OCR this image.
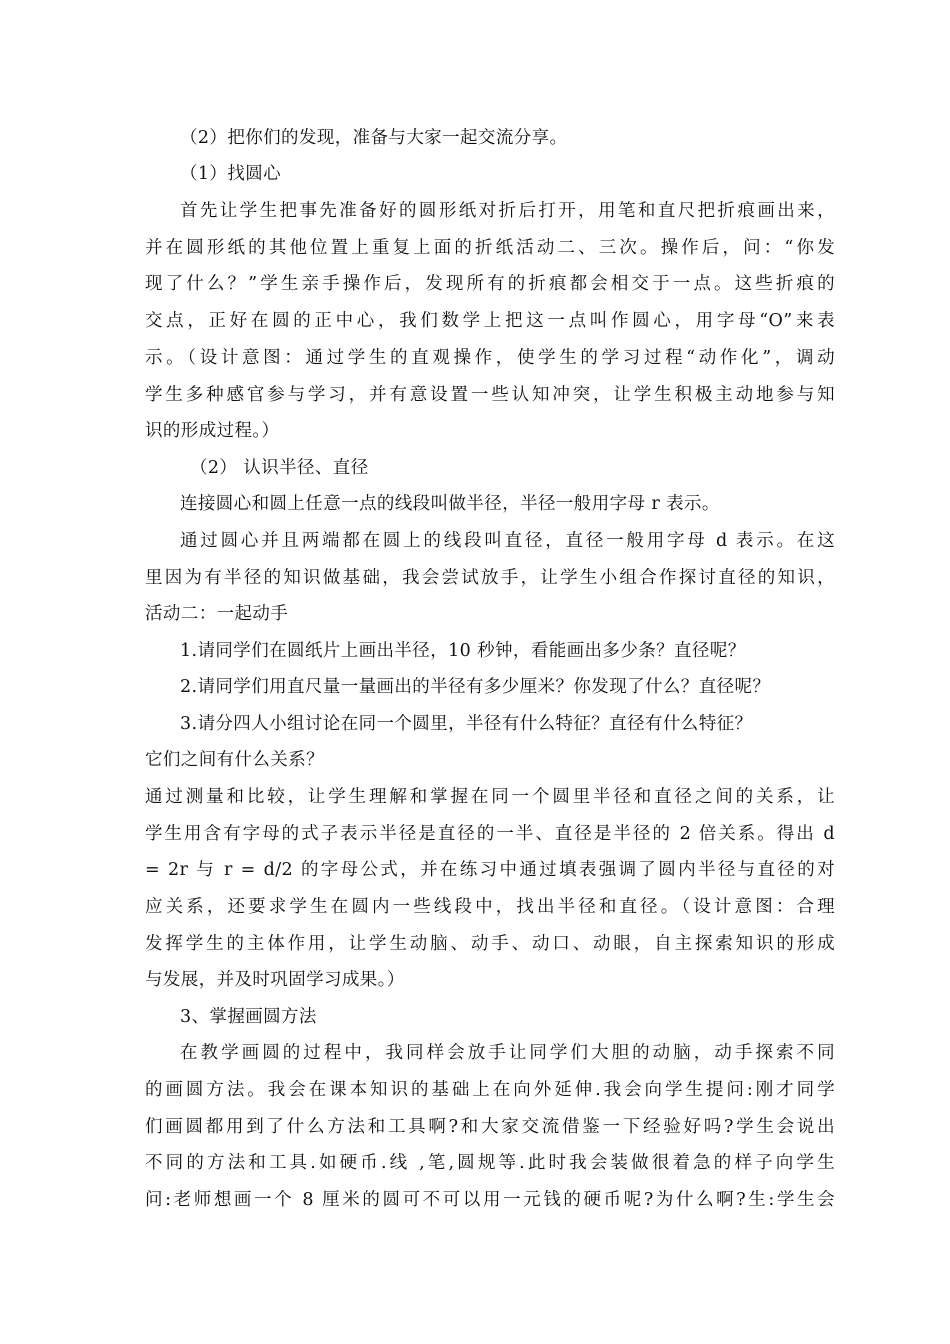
（2）把你们的发现，准备与大家一起交流分享。
（1）找圆心
首先让学生把事先准备好的圆形纸对折后打开，用笔和直尺把折痕画出来，
并在圆形纸的其他位置上重复上面的折纸活动二、三次。操作后，问：“你发
现了什么？”学生亲手操作后，发现所有的折痕都会相交于一点。这些折痕的
交点，正好在圆的正中心，我们数学上把这一点叫作圆心，用字母“O”来表
示。（设计意图：通过学生的直观操作，使学生的学习过程“动作化”，调动
学生多种感官参与学习，并有意设置一些认知冲突，让学生积极主动地参与知
识的形成过程。）
（2） 认识半径、直径
连接圆心和圆上任意一点的线段叫做半径，半径一般用字母 r 表示。
通过圆心并且两端都在圆上的线段叫直径，直径一般用字母 d 表示。在这
里因为有半径的知识做基础，我会尝试放手，让学生小组合作探讨直径的知识，
活动二：一起动手
1.请同学们在圆纸片上画出半径，10 秒钟，看能画出多少条？直径呢？
2.请同学们用直尺量一量画出的半径有多少厘米？你发现了什么？直径呢？
3.请分四人小组讨论在同一个圆里，半径有什么特征？直径有什么特征？
它们之间有什么关系？
通过测量和比较，让学生理解和掌握在同一个圆里半径和直径之间的关系，让
学生用含有字母的式子表示半径是直径的一半、直径是半径的 2 倍关系。得出 d
= 2r 与 r = d/2 的字母公式，并在练习中通过填表强调了圆内半径与直径的对
应关系，还要求学生在圆内一些线段中，找出半径和直径。（设计意图：合理
发挥学生的主体作用，让学生动脑、动手、动口、动眼，自主探索知识的形成
与发展，并及时巩固学习成果。）
3、掌握画圆方法
在教学画圆的过程中，我同样会放手让同学们大胆的动脑，动手探索不同
的画圆方法。我会在课本知识的基础上在向外延伸.我会向学生提问:刚才同学
们画圆都用到了什么方法和工具啊?和大家交流借鉴一下经验好吗?学生会说出
不同的方法和工具.如硬币.线 ,笔,圆规等.此时我会装做很着急的样子向学生
问:老师想画一个 8 厘米的圆可不可以用一元钱的硬币呢?为什么啊?生:学生会
